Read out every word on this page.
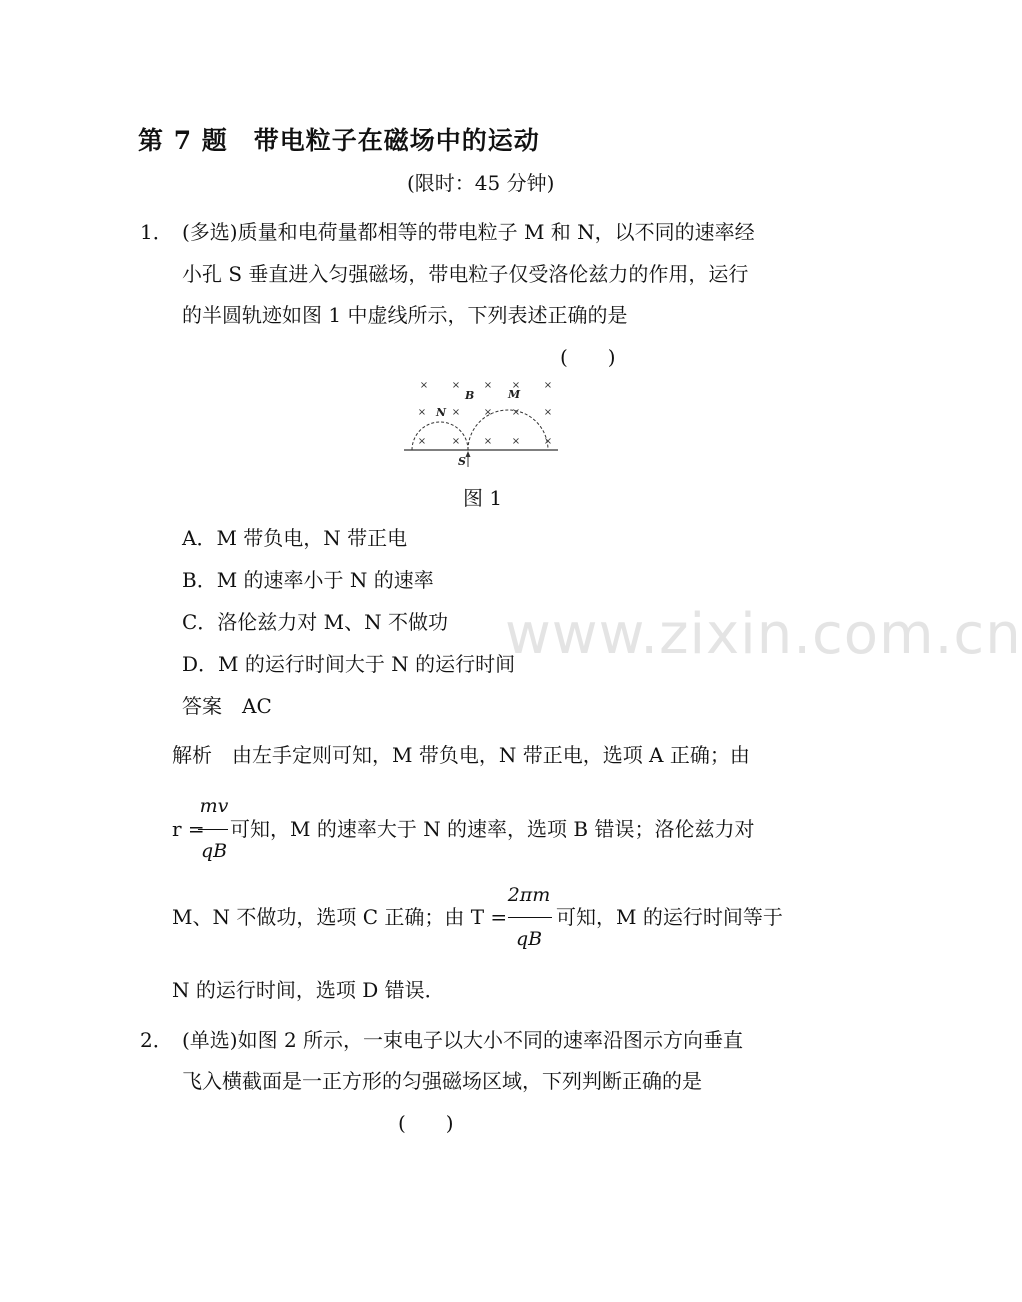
www.zixin.com.cn
第 7 题　带电粒子在磁场中的运动
(限时：45 分钟)
1． (多选)质量和电荷量都相等的带电粒子 M 和 N，以不同的速率经
小孔 S 垂直进入匀强磁场，带电粒子仅受洛伦兹力的作用，运行
的半圆轨迹如图 1 中虚线所示，下列表述正确的是
(　　)
× × × × ×
×	× × × ×
×	× × × ×
B	M
N
S
图 1
A．M 带负电，N 带正电
B．M 的速率小于 N 的速率
C．洛伦兹力对 M、N 不做功
D．M 的运行时间大于 N 的运行时间
答案　AC
解析　由左手定则可知，M 带负电，N 带正电，选项 A 正确；由
r =
mv
qB
可知，M 的速率大于 N 的速率，选项 B 错误；洛伦兹力对
M、N 不做功，选项 C 正确；由 T =
2πm
qB
可知，M 的运行时间等于
N 的运行时间，选项 D 错误．
2． (单选)如图 2 所示，一束电子以大小不同的速率沿图示方向垂直
飞入横截面是一正方形的匀强磁场区域，下列判断正确的是
(　　)
